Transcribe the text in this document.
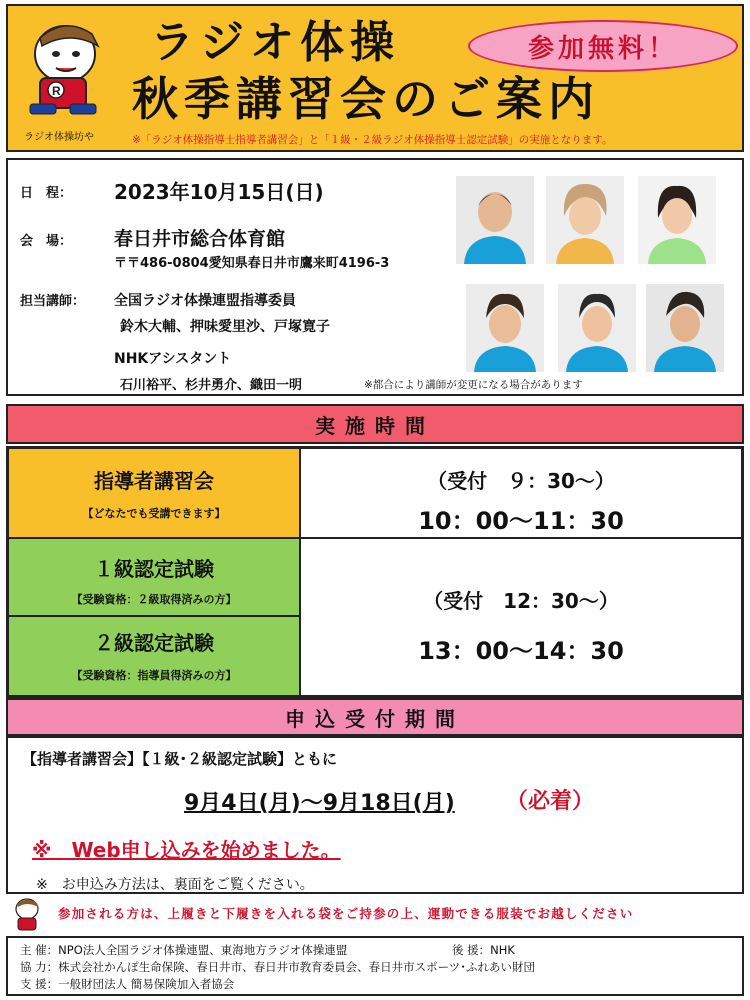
R
ラジオ体操坊や
ラジオ体操
秋季講習会のご案内
参加無料！
※「ラジオ体操指導士指導者講習会」と「１級・２級ラジオ体操指導士認定試験」の実施となります。
日　程： 2023年10月15日(日)
会　場： 春日井市総合体育館
〒〒486-0804愛知県春日井市鷹来町4196-3
担当講師： 全国ラジオ体操連盟指導委員
鈴木大輔、押味愛里沙、戸塚寛子
NHKアシスタント
石川裕平、杉井勇介、織田一明	※都合により講師が変更になる場合があります
実施時間
指導者講習会
【どなたでも受講できます】
（受付　９：30～）
10：00～11：30
１級認定試験
【受験資格：２級取得済みの方】
２級認定試験
【受験資格：指導員得済みの方】
（受付　12：30～）
13：00～14：30
申込受付期間
【指導者講習会】【１級･２級認定試験】ともに
9月4日(月)～9月18日(月) （必着）
※　Web申し込みを始めました。
※　お申込み方法は、裏面をご覧ください。
参加される方は、上履きと下履きを入れる袋をご持参の上、運動できる服装でお越しください
主 催：NPO法人全国ラジオ体操連盟、東海地方ラジオ体操連盟	後 援：NHK
協 力：株式会社かんぽ生命保険、春日井市、春日井市教育委員会、春日井市スポーツ･ふれあい財団
支 援：一般財団法人 簡易保険加入者協会
